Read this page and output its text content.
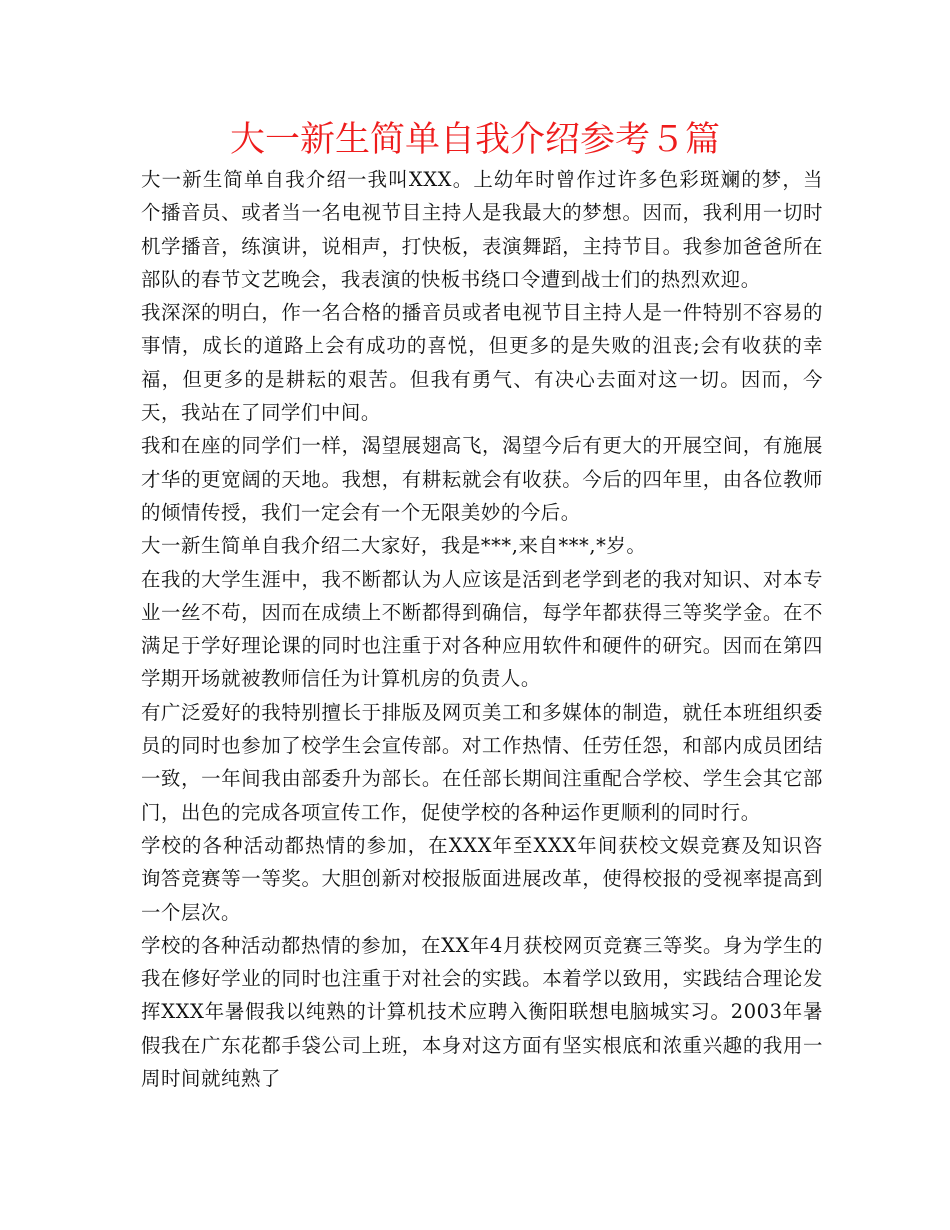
大一新生简单自我介绍参考５篇

大一新生简单自我介绍一我叫XXX。上幼年时曾作过许多色彩斑斓的梦，当个播音员、或者当一名电视节目主持人是我最大的梦想。因而，我利用一切时机学播音，练演讲，说相声，打快板，表演舞蹈，主持节目。我参加爸爸所在部队的春节文艺晚会，我表演的快板书绕口令遭到战士们的热烈欢迎。

我深深的明白，作一名合格的播音员或者电视节目主持人是一件特别不容易的事情，成长的道路上会有成功的喜悦，但更多的是失败的沮丧;会有收获的幸福，但更多的是耕耘的艰苦。但我有勇气、有决心去面对这一切。因而，今天，我站在了同学们中间。

我和在座的同学们一样，渴望展翅高飞，渴望今后有更大的开展空间，有施展才华的更宽阔的天地。我想，有耕耘就会有收获。今后的四年里，由各位教师的倾情传授，我们一定会有一个无限美妙的今后。

大一新生简单自我介绍二大家好，我是***,来自***,*岁。

在我的大学生涯中，我不断都认为人应该是活到老学到老的我对知识、对本专业一丝不苟，因而在成绩上不断都得到确信，每学年都获得三等奖学金。在不满足于学好理论课的同时也注重于对各种应用软件和硬件的研究。因而在第四学期开场就被教师信任为计算机房的负责人。

有广泛爱好的我特别擅长于排版及网页美工和多媒体的制造，就任本班组织委员的同时也参加了校学生会宣传部。对工作热情、任劳任怨，和部内成员团结一致，一年间我由部委升为部长。在任部长期间注重配合学校、学生会其它部门，出色的完成各项宣传工作，促使学校的各种运作更顺利的同时行。

学校的各种活动都热情的参加，在XXX年至XXX年间获校文娱竞赛及知识咨询答竞赛等一等奖。大胆创新对校报版面进展改革，使得校报的受视率提高到一个层次。

学校的各种活动都热情的参加，在XX年4月获校网页竞赛三等奖。身为学生的我在修好学业的同时也注重于对社会的实践。本着学以致用，实践结合理论发挥XXX年暑假我以纯熟的计算机技术应聘入衡阳联想电脑城实习。2003年暑假我在广东花都手袋公司上班，本身对这方面有坚实根底和浓重兴趣的我用一周时间就纯熟了
